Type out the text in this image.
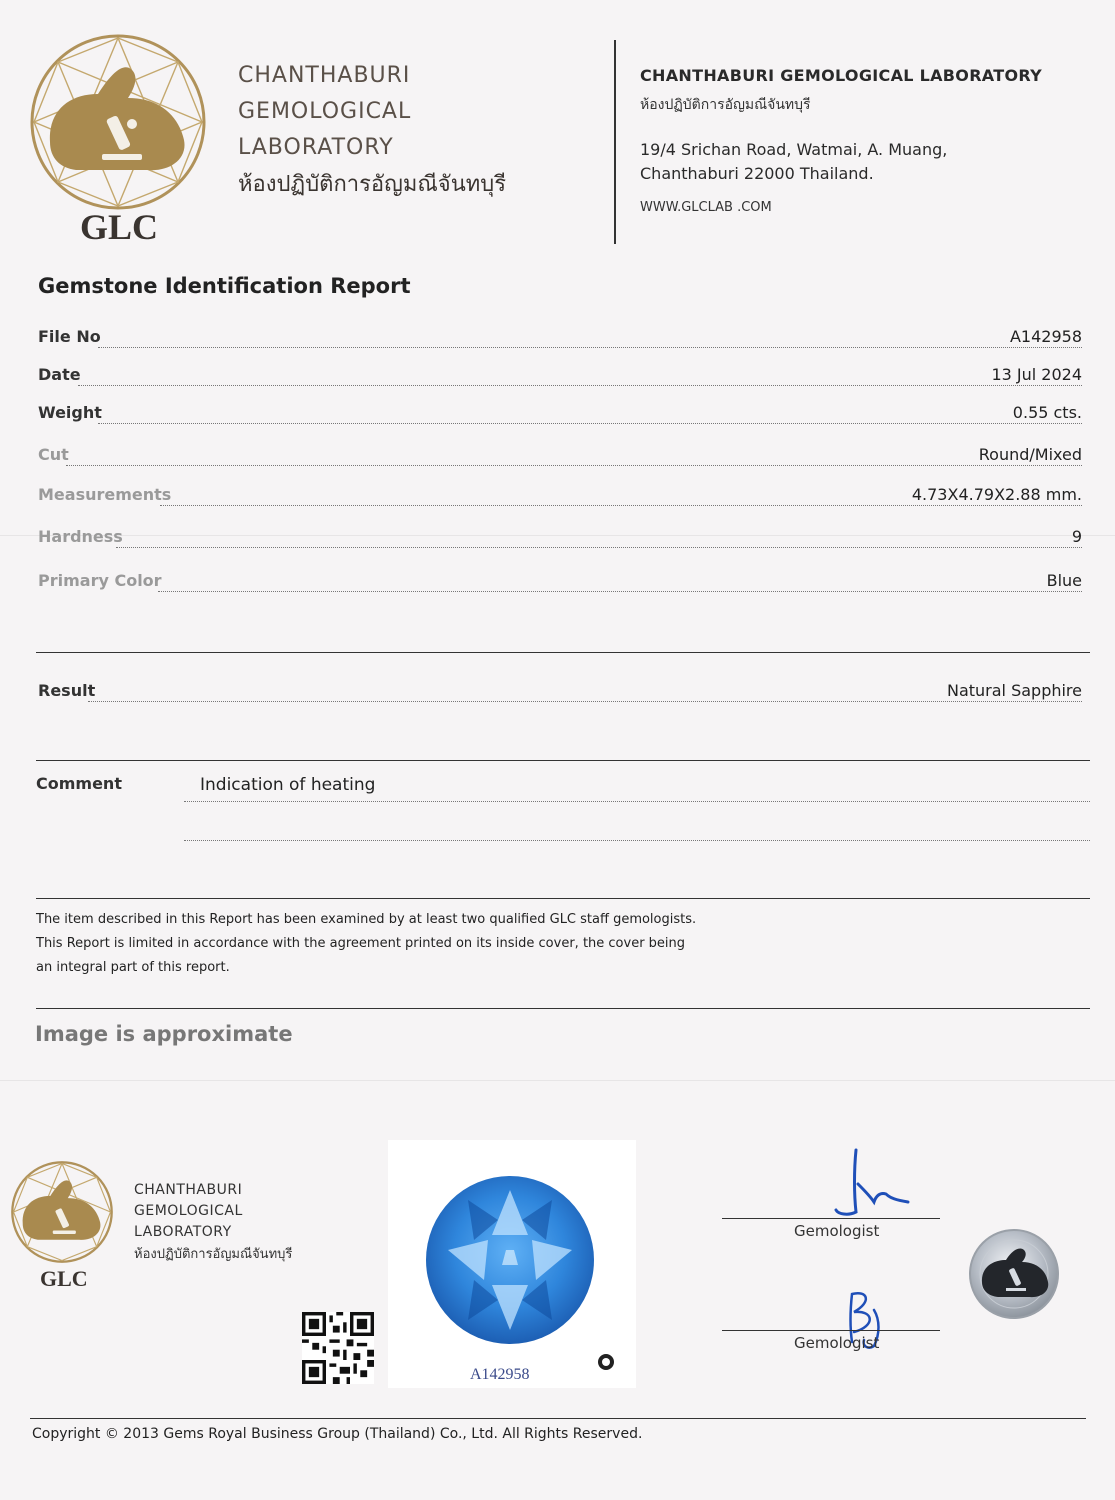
GLC
CHANTHABURI
GEMOLOGICAL
LABORATORY
ห้องปฏิบัติการอัญมณีจันทบุรี
CHANTHABURI GEMOLOGICAL LABORATORY
ห้องปฏิบัติการอัญมณีจันทบุรี
19/4 Srichan Road, Watmai, A. Muang,
Chanthaburi 22000 Thailand.
WWW.GLCLAB .COM
Gemstone Identification Report
File No	A142958
Date	13 Jul 2024
Weight	0.55 cts.
Cut	Round/Mixed
Measurements	4.73X4.79X2.88 mm.
Hardness	9
Primary Color	Blue
Result	Natural Sapphire
Comment	Indication of heating
The item described in this Report has been examined by at least two qualified GLC staff gemologists.
This Report is limited in accordance with the agreement printed on its inside cover, the cover being
an integral part of this report.
Image is approximate
GLC
CHANTHABURI
GEMOLOGICAL
LABORATORY
ห้องปฏิบัติการอัญมณีจันทบุรี
A142958
Gemologist
Gemologist
Copyright © 2013 Gems Royal Business Group (Thailand) Co., Ltd. All Rights Reserved.
